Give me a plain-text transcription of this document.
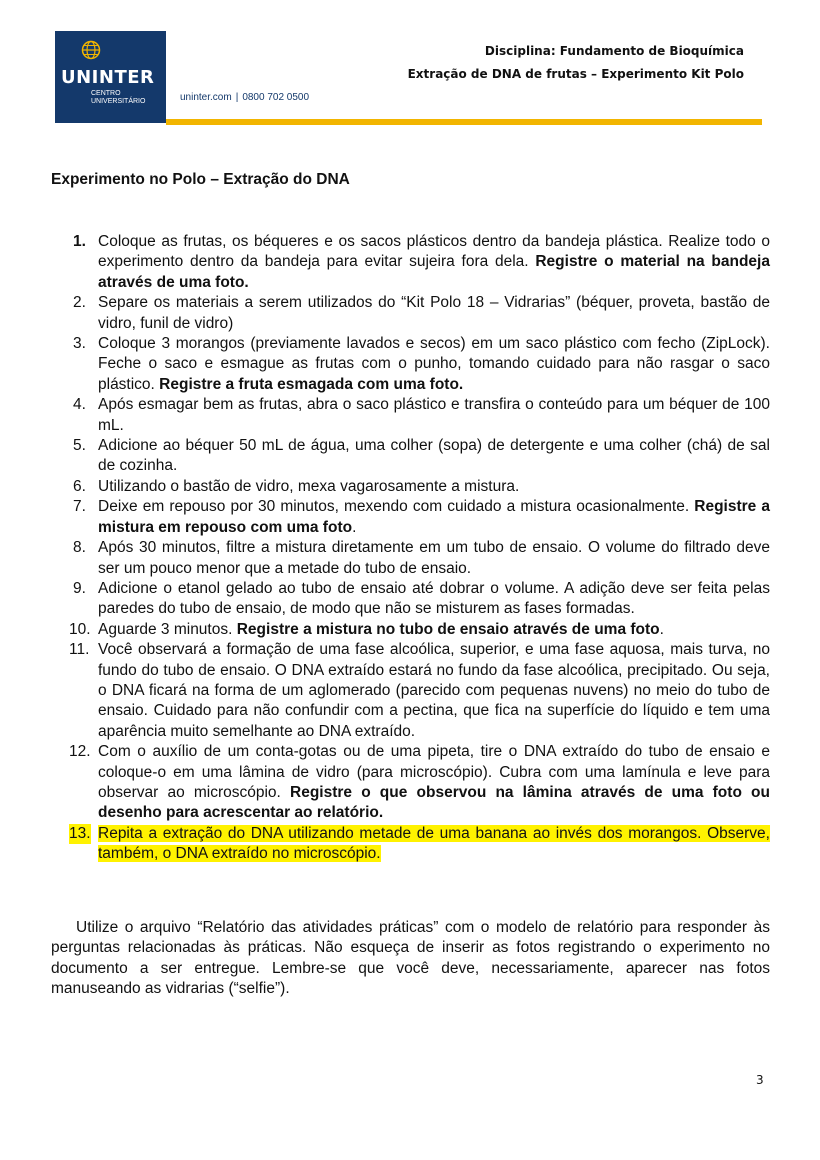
UNINTER
CENTRO
UNIVERSITÁRIO	uninter.com | 0800 702 0500
Disciplina: Fundamento de Bioquímica
Extração de DNA de frutas – Experimento Kit Polo
Experimento no Polo – Extração do DNA
1. Coloque as frutas, os béqueres e os sacos plásticos dentro da bandeja plástica. Realize todo o experimento dentro da bandeja para evitar sujeira fora dela. Registre o material na bandeja através de uma foto.
2. Separe os materiais a serem utilizados do “Kit Polo 18 – Vidrarias” (béquer, proveta, bastão de vidro, funil de vidro)
3. Coloque 3 morangos (previamente lavados e secos) em um saco plástico com fecho (ZipLock). Feche o saco e esmague as frutas com o punho, tomando cuidado para não rasgar o saco plástico. Registre a fruta esmagada com uma foto.
4. Após esmagar bem as frutas, abra o saco plástico e transfira o conteúdo para um béquer de 100 mL.
5. Adicione ao béquer 50 mL de água, uma colher (sopa) de detergente e uma colher (chá) de sal de cozinha.
6. Utilizando o bastão de vidro, mexa vagarosamente a mistura.
7. Deixe em repouso por 30 minutos, mexendo com cuidado a mistura ocasionalmente. Registre a mistura em repouso com uma foto.
8. Após 30 minutos, filtre a mistura diretamente em um tubo de ensaio. O volume do filtrado deve ser um pouco menor que a metade do tubo de ensaio.
9. Adicione o etanol gelado ao tubo de ensaio até dobrar o volume. A adição deve ser feita pelas paredes do tubo de ensaio, de modo que não se misturem as fases formadas.
10. Aguarde 3 minutos. Registre a mistura no tubo de ensaio através de uma foto.
11. Você observará a formação de uma fase alcoólica, superior, e uma fase aquosa, mais turva, no fundo do tubo de ensaio. O DNA extraído estará no fundo da fase alcoólica, precipitado. Ou seja, o DNA ficará na forma de um aglomerado (parecido com pequenas nuvens) no meio do tubo de ensaio. Cuidado para não confundir com a pectina, que fica na superfície do líquido e tem uma aparência muito semelhante ao DNA extraído.
12. Com o auxílio de um conta-gotas ou de uma pipeta, tire o DNA extraído do tubo de ensaio e coloque-o em uma lâmina de vidro (para microscópio). Cubra com uma lamínula e leve para observar ao microscópio. Registre o que observou na lâmina através de uma foto ou desenho para acrescentar ao relatório.
13. Repita a extração do DNA utilizando metade de uma banana ao invés dos morangos. Observe, também, o DNA extraído no microscópio.

Utilize o arquivo “Relatório das atividades práticas” com o modelo de relatório para responder às perguntas relacionadas às práticas. Não esqueça de inserir as fotos registrando o experimento no documento a ser entregue. Lembre-se que você deve, necessariamente, aparecer nas fotos manuseando as vidrarias (“selfie”).

3
